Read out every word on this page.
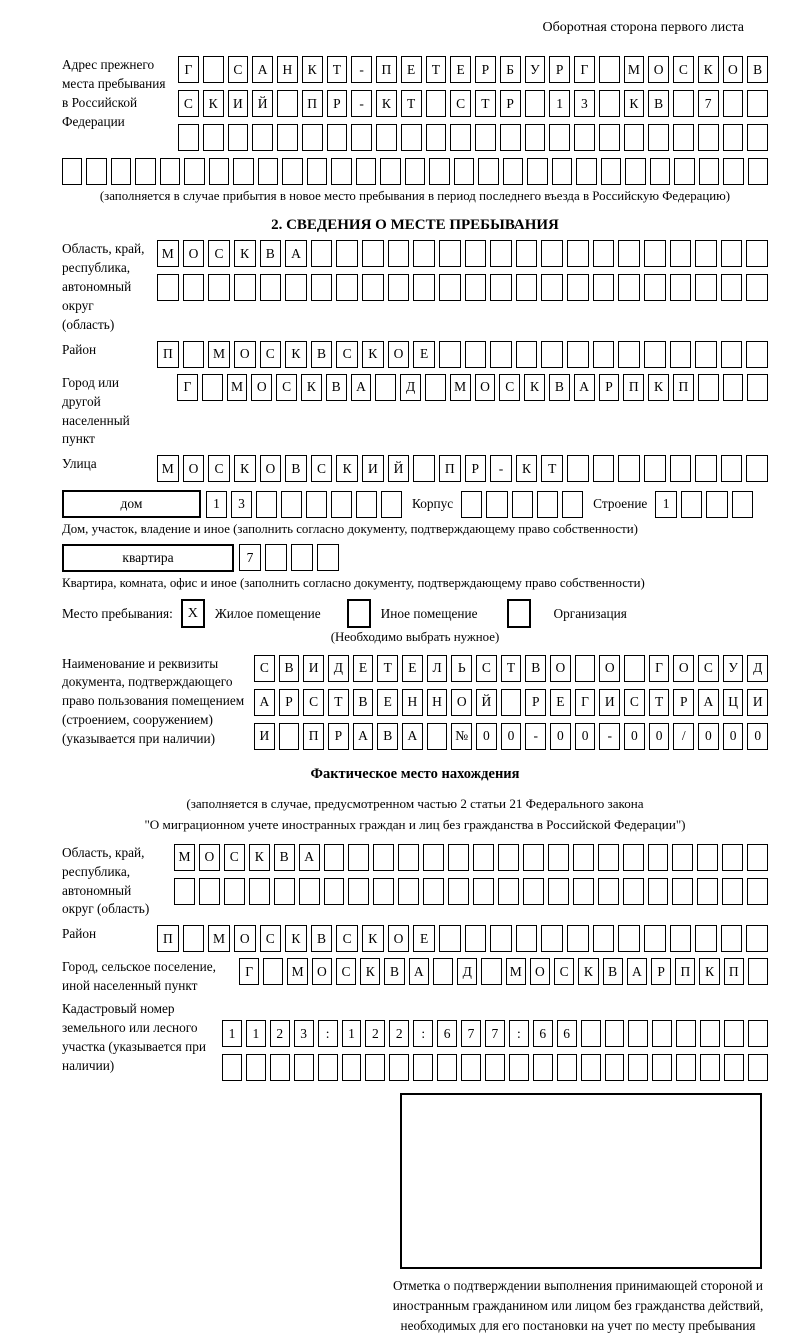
Оборотная сторона первого листа
Адрес прежнего места пребывания в Российской Федерации
Г	С	А	Н	К	Т	-	П	Е	Т	Е	Р	Б	У	Р	Г	М	О	С	К	О	В
С	К	И	Й	П	Р	-	К	Т	С	Т	Р	1	3	К	В	7
(заполняется в случае прибытия в новое место пребывания в период последнего въезда в Российскую Федерацию)
2. СВЕДЕНИЯ О МЕСТЕ ПРЕБЫВАНИЯ
Область, край, республика, автономный округ (область)
М	О	С	К	В	А
Район	П	М	О	С	К	В	С	К	О	Е
Город или другой населенный пункт
Г	М	О	С	К	В	А	Д	М	О	С	К	В	А	Р	П	К	П
Улица	М	О	С	К	О	В	С	К	И	Й	П	Р	-	К	Т
дом	1	3	Корпус	Строение	1
Дом, участок, владение и иное (заполнить согласно документу, подтверждающему право собственности)
квартира	7
Квартира, комната, офис и иное (заполнить согласно документу, подтверждающему право собственности)
Место пребывания:	X	Жилое помещение	Иное помещение	Организация
(Необходимо выбрать нужное)
Наименование и реквизиты документа, подтверждающего право пользования помещением (строением, сооружением) (указывается при наличии)
С	В	И	Д	Е	Т	Е	Л	Ь	С	Т	В	О	О	Г	О	С	У	Д
А	Р	С	Т	В	Е	Н	Н	О	Й	Р	Е	Г	И	С	Т	Р	А	Ц	И
И	П	Р	А	В	А	№	0	0	-	0	0	-	0	0	/	0	0	0
Фактическое место нахождения
(заполняется в случае, предусмотренном частью 2 статьи 21 Федерального закона
"О миграционном учете иностранных граждан и лиц без гражданства в Российской Федерации")
Область, край, республика, автономный округ (область)
М	О	С	К	В	А
Район	П	М	О	С	К	В	С	К	О	Е
Город, сельское поселение, иной населенный пункт
Г	М О	С	К	В	А	Д	М О	С	К	В	А	Р	П	К	П
Кадастровый номер земельного или лесного участка (указывается при наличии)
1	1	2	3	:	1	2	2	:	6	7	7	:	6	6
Отметка о подтверждении выполнения принимающей стороной и иностранным гражданином или лицом без гражданства действий, необходимых для его постановки на учет по месту пребывания
